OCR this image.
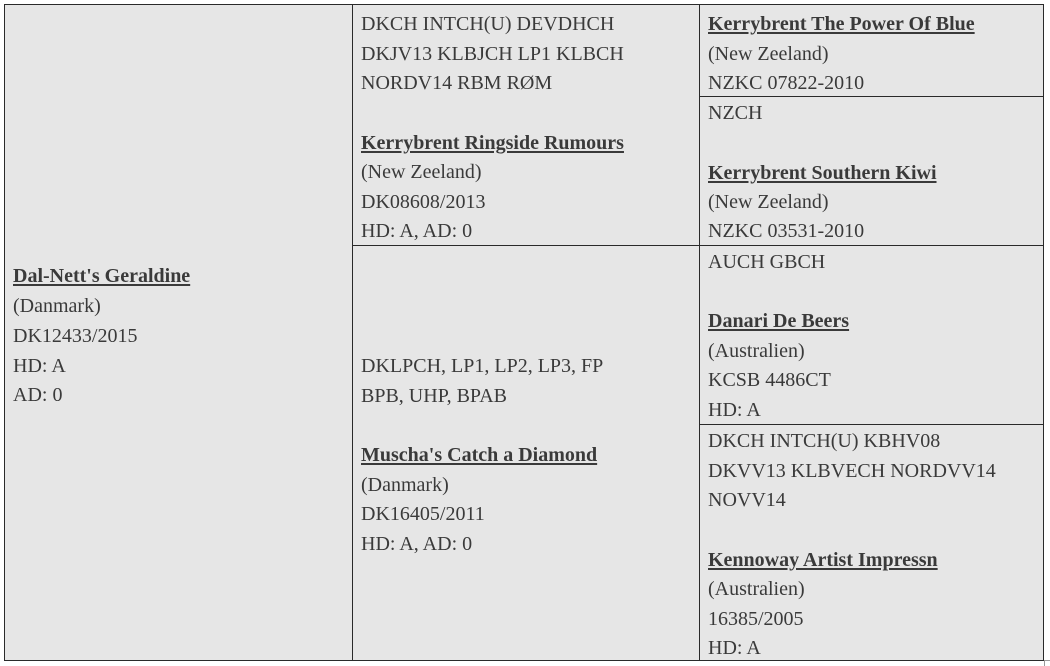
Dal-Nett's Geraldine
(Danmark)
DK12433/2015
HD: A
AD: 0
DKCH INTCH(U) DEVDHCH
DKJV13 KLBJCH LP1 KLBCH
NORDV14 RBM RØM
Kerrybrent Ringside Rumours
(New Zeeland)
DK08608/2013
HD: A, AD: 0
DKLPCH, LP1, LP2, LP3, FP
BPB, UHP, BPAB
Muscha's Catch a Diamond
(Danmark)
DK16405/2011
HD: A, AD: 0
Kerrybrent The Power Of Blue
(New Zeeland)
NZKC 07822-2010
NZCH
Kerrybrent Southern Kiwi
(New Zeeland)
NZKC 03531-2010
AUCH GBCH
Danari De Beers
(Australien)
KCSB 4486CT
HD: A
DKCH INTCH(U) KBHV08
DKVV13 KLBVECH NORDVV14
NOVV14
Kennoway Artist Impressn
(Australien)
16385/2005
HD: A
